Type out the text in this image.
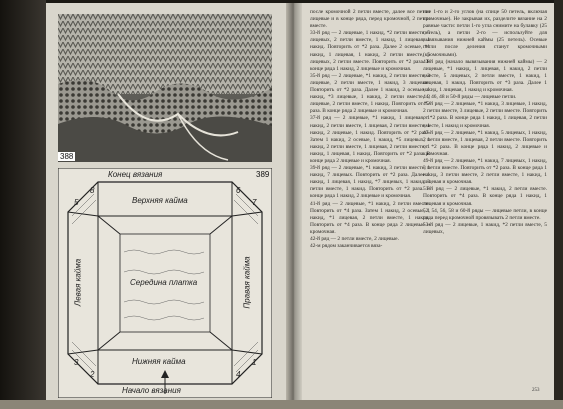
388
389
Конец вязания
Верхняя кайма
Середина платка
Нижняя кайма
Начало вязания
Левая кайма	Правая кайма
5
8	6
7
3
2	4
1

после кромочной 2 петли вместе, далее все петли лицевые и в конце ряда, перед кромочной, 2 петли вместе.

33-й ряд — 2 лицевые, 1 накид, *2 петли вместе, 5 лицевых, 2 петли вместе, 1 накид, 1 лицевая, 1 накид. Повторить от *2 раза. Далее 2 осевые, *1 накид, 1 лицевая, 1 накид, 2 петли вместе, 5 лицевых, 2 петли вместе. Повторить от *2 раза. В конце ряда 1 накид, 2 лицевые и кромочная.

35-й ряд — 2 лицевые, *1 накид, 2 петли вместе, 3 лицевые, 2 петли вместе, 1 накид, 3 лицевые. Повторить от *2 раза. Далее 1 накид, 2 осевые, 1 накид, *3 лицевые, 1 накид, 2 петли вместе, 3 лицевые, 2 петли вместе, 1 накид. Повторить от *2 раза. В конце ряда 2 лицевые и кромочная.

37-й ряд — 2 лицевые, *1 накид, 1 лицевая, 1 накид, 2 петли вместе, 1 лицевая, 2 петли вместе, 1 накид, 2 лицевые, 1 накид. Повторить от *2 раза. Затем 1 накид, 2 осевые, 1 накид, *5 лицевых, 1 накид, 2 петли вместе, 1 лицевая, 2 петли вместе, 1 накид, 1 лицевая, 1 накид. Повторить от *2 раза. В конце ряда 2 лицевые и кромочная.

39-й ряд — 2 лицевые, *1 накид, 3 петли вместе, 1 накид, 7 лицевых. Повторить от *2 раза. Далее 1 накид, 1 лицевая, 1 накид, *7 лицевых, 1 накид, 3 петли вместе, 1 накид. Повторить от *2 раза. В конце ряда 1 накид, 2 лицевые и кромочная.

41-й ряд — 2 лицевые, *1 накид, 2 петли вместе. Повторить от *4 раза. Затем 1 накид, 2 осевые, 1 накид, *1 лицевая, 2 петли вместе, 1 накид. Повторить от *4 раза. В конце ряда 2 лицевые и кромочная.

42-й ряд — 2 петли вместе, 2 лицевые.

42-м рядом заканчивается вяза-

ние 1-го и 2-го углов (на спице 50 петель, включая кромочные). Не закрывая их, разделите вязание на 2 равные части: петли 1-го угла снимите на булавку (25 петель), а петли 2-го — используйте для вывязывания нижней каймы (25 петель). Осевые петли после деления станут кромочными (кромочными).

43-й ряд (начало вывязывания нижней каймы) — 2 лицевые, *1 накид, 1 лицевая, 1 накид, 2 петли вместе, 5 лицевых, 2 петли вместе, 1 накид, 1 лицевая, 1 накид. Повторить от *3 раза. Далее 1 накид, 1 лицевая, 1 накид и кромочная.

44, 46, 48 и 50-й ряды — лицевые петли.

45-й ряд — 2 лицевые, *1 накид, 3 лицевые, 1 накид, 2 петли вместе, 3 лицевые, 2 петли вместе. Повторить от *2 раза. В конце ряда 1 накид, 1 лицевая, 2 петли вместе, 1 накид и кромочная.

47-й ряд — 2 лицевые, *1 накид, 5 лицевых, 1 накид, 2 петли вместе, 1 лицевая, 2 петли вместе. Повторить от *2 раза. В конце ряда 1 накид, 2 лицевые и кромочная.

49-й ряд — 2 лицевые, *1 накид, 7 лицевых, 1 накид, 3 петли вместе. Повторить от *2 раза. В конце ряда 1 накид, 3 петли вместе, 2 петли вместе, 1 накид, 1 лицевая и кромочная.

51-й ряд — 2 лицевые, *1 накид, 2 петли вместе. Повторить от *4 раза. В конце ряда 1 накид, 1 лицевая и кромочная.

52, 54, 56, 58 и 60-й ряды — лицевые петли, в конце ряда перед кромочной провязывать 2 петли вместе.

53-й ряд — 2 лицевые, 1 накид, *2 петли вместе, 5 лицевых,

253
